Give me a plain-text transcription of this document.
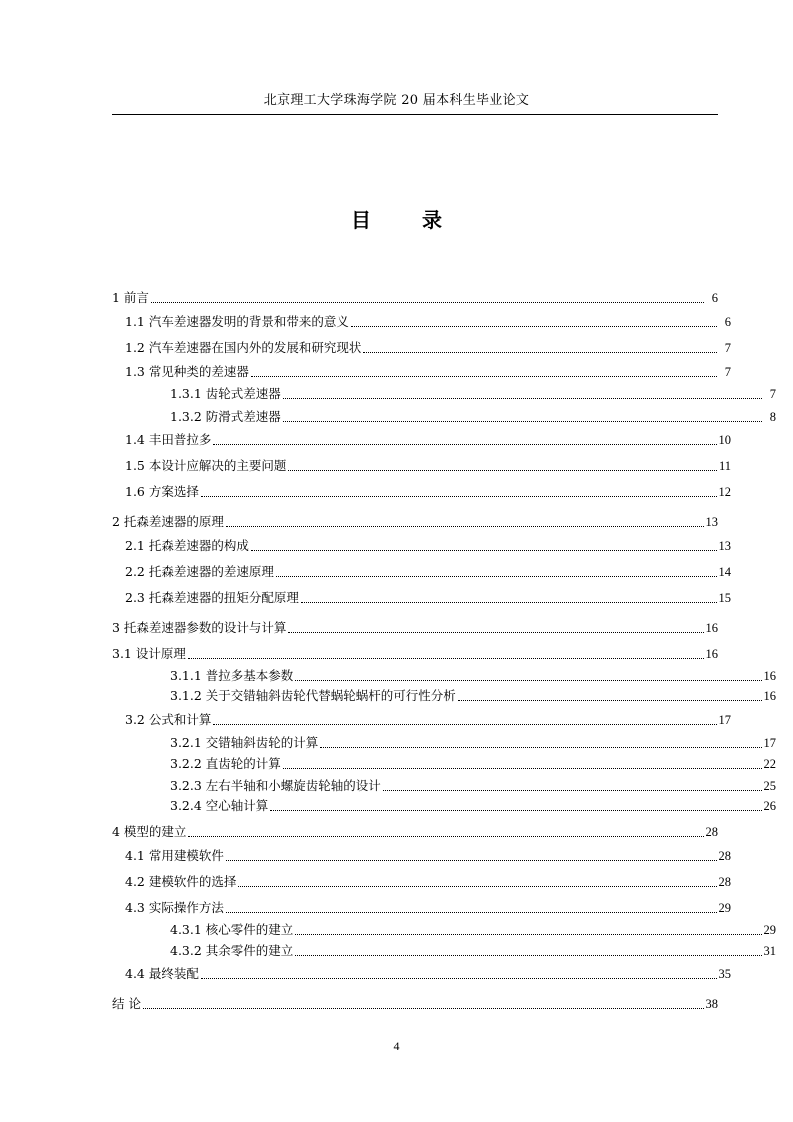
北京理工大学珠海学院 20 届本科生毕业论文
目 录
1 前言	6
1.1 汽车差速器发明的背景和带来的意义	6
1.2 汽车差速器在国内外的发展和研究现状	7
1.3 常见种类的差速器	7
1.3.1 齿轮式差速器	7
1.3.2 防滑式差速器	8
1.4 丰田普拉多	10
1.5 本设计应解决的主要问题	11
1.6 方案选择	12
2 托森差速器的原理	13
2.1 托森差速器的构成	13
2.2 托森差速器的差速原理	14
2.3 托森差速器的扭矩分配原理	15
3 托森差速器参数的设计与计算	16
3.1 设计原理	16
3.1.1 普拉多基本参数	16
3.1.2 关于交错轴斜齿轮代替蜗轮蜗杆的可行性分析	16
3.2 公式和计算	17
3.2.1 交错轴斜齿轮的计算	17
3.2.2 直齿轮的计算	22
3.2.3 左右半轴和小螺旋齿轮轴的设计	25
3.2.4 空心轴计算	26
4 模型的建立	28
4.1 常用建模软件	28
4.2 建模软件的选择	28
4.3 实际操作方法	29
4.3.1 核心零件的建立	29
4.3.2 其余零件的建立	31
4.4 最终装配	35
结 论	38
4
